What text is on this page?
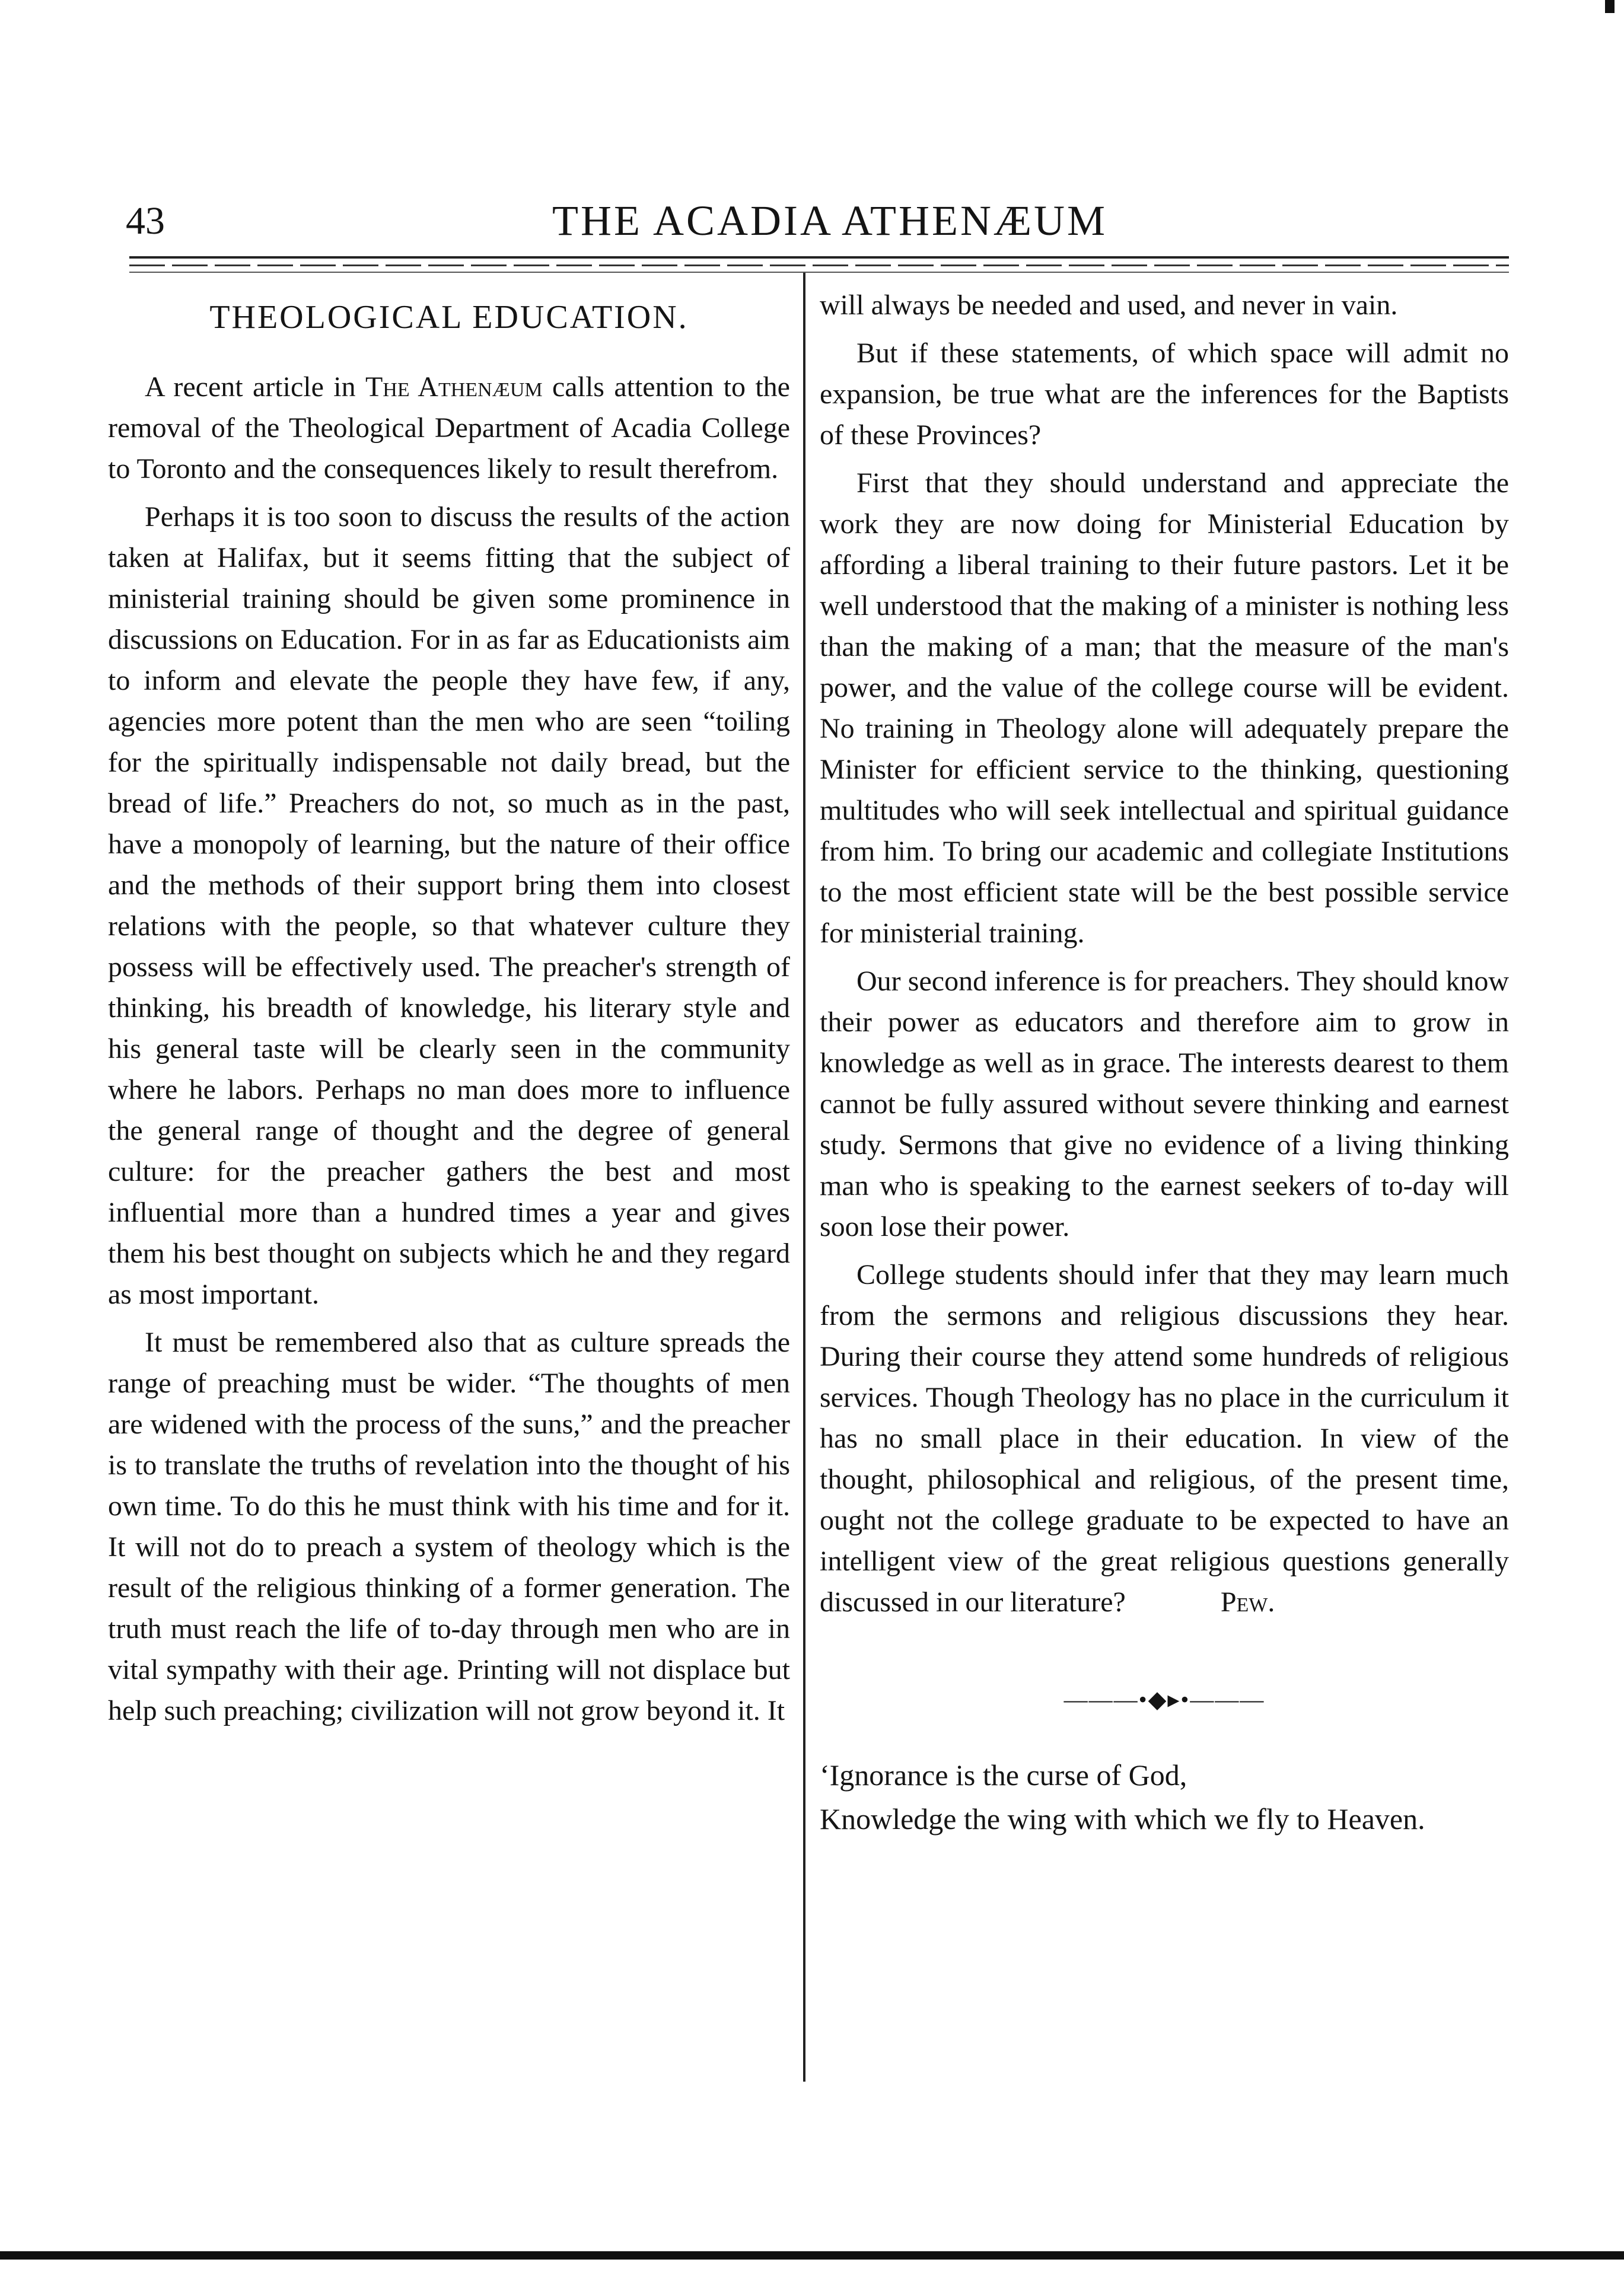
43	THE ACADIA ATHENÆUM
THEOLOGICAL EDUCATION.

A recent article in The Athenæum calls attention to the removal of the Theological Department of Acadia College to Toronto and the consequences likely to result therefrom.

Perhaps it is too soon to discuss the results of the action taken at Halifax, but it seems fitting that the subject of ministerial training should be given some prominence in discussions on Education. For in as far as Educationists aim to inform and elevate the people they have few, if any, agencies more potent than the men who are seen “toiling for the spiritually indispensable not daily bread, but the bread of life.” Preachers do not, so much as in the past, have a monopoly of learning, but the nature of their office and the methods of their support bring them into closest relations with the people, so that whatever culture they possess will be effectively used. The preacher's strength of thinking, his breadth of knowledge, his literary style and his general taste will be clearly seen in the community where he labors. Perhaps no man does more to influence the general range of thought and the degree of general culture: for the preacher gathers the best and most influential more than a hundred times a year and gives them his best thought on subjects which he and they regard as most important.

It must be remembered also that as culture spreads the range of preaching must be wider. “The thoughts of men are widened with the process of the suns,” and the preacher is to translate the truths of revelation into the thought of his own time. To do this he must think with his time and for it. It will not do to preach a system of theology which is the result of the religious thinking of a former generation. The truth must reach the life of to-day through men who are in vital sympathy with their age. Printing will not displace but help such preaching; civilization will not grow beyond it. It

will always be needed and used, and never in vain.

But if these statements, of which space will admit no expansion, be true what are the inferences for the Baptists of these Provinces?

First that they should understand and appreciate the work they are now doing for Ministerial Education by affording a liberal training to their future pastors. Let it be well understood that the making of a minister is nothing less than the making of a man; that the measure of the man's power, and the value of the college course will be evident. No training in Theology alone will adequately prepare the Minister for efficient service to the thinking, questioning multitudes who will seek intellectual and spiritual guidance from him. To bring our academic and collegiate Institutions to the most efficient state will be the best possible service for ministerial training.

Our second inference is for preachers. They should know their power as educators and therefore aim to grow in knowledge as well as in grace. The interests dearest to them cannot be fully assured without severe thinking and earnest study. Sermons that give no evidence of a living thinking man who is speaking to the earnest seekers of to-day will soon lose their power.

College students should infer that they may learn much from the sermons and religious discussions they hear. During their course they attend some hundreds of religious services. Though Theology has no place in the curriculum it has no small place in their education. In view of the thought, philosophical and religious, of the present time, ought not the college graduate to be expected to have an intelligent view of the great religious questions generally discussed in our literature?	Pew.

———•◆▸•———

‘Ignorance is the curse of God,

Knowledge the wing with which we fly to Heaven.
